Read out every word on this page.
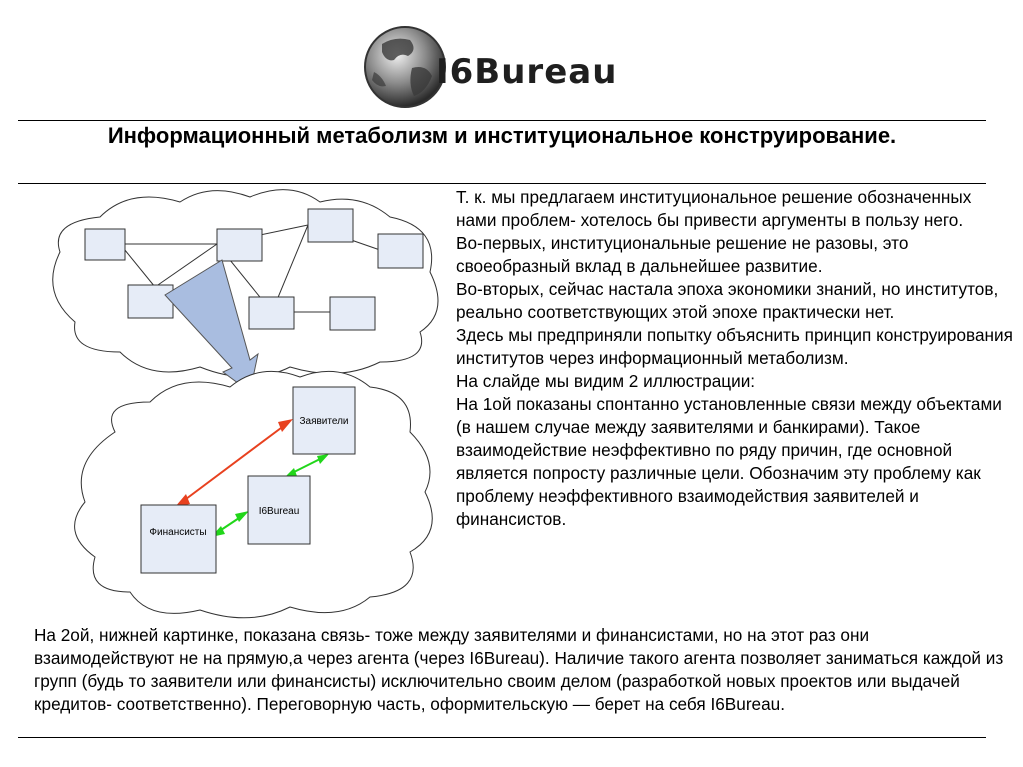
I6Bureau
Информационный метаболизм и институциональное конструирование.
Заявители
I6Bureau
Финансисты

Т. к. мы предлагаем институциональное решение обозначенных нами проблем- хотелось бы привести аргументы в пользу него.

Во-первых, институциональные решение не разовы, это своеобразный вклад в дальнейшее развитие.

Во-вторых, сейчас настала эпоха экономики знаний, но институтов, реально соответствующих этой эпохе практически нет.

Здесь мы предприняли попытку объяснить принцип конструирования институтов через информационный метаболизм.

На слайде мы видим 2 иллюстрации:

На 1ой показаны спонтанно установленные связи между объектами (в нашем случае между заявителями и банкирами). Такое взаимодействие неэффективно по ряду причин, где основной является попросту различные цели. Обозначим эту проблему как проблему неэффективного взаимодействия заявителей и финансистов.

На 2ой, нижней картинке, показана связь- тоже между заявителями и финансистами, но на этот раз они взаимодействуют не на прямую,а через агента (через I6Bureau). Наличие такого агента позволяет заниматься каждой из групп (будь то заявители или финансисты) исключительно своим делом (разработкой новых проектов или выдачей кредитов- соответственно). Переговорную часть, оформительскую — берет на себя I6Bureau.
